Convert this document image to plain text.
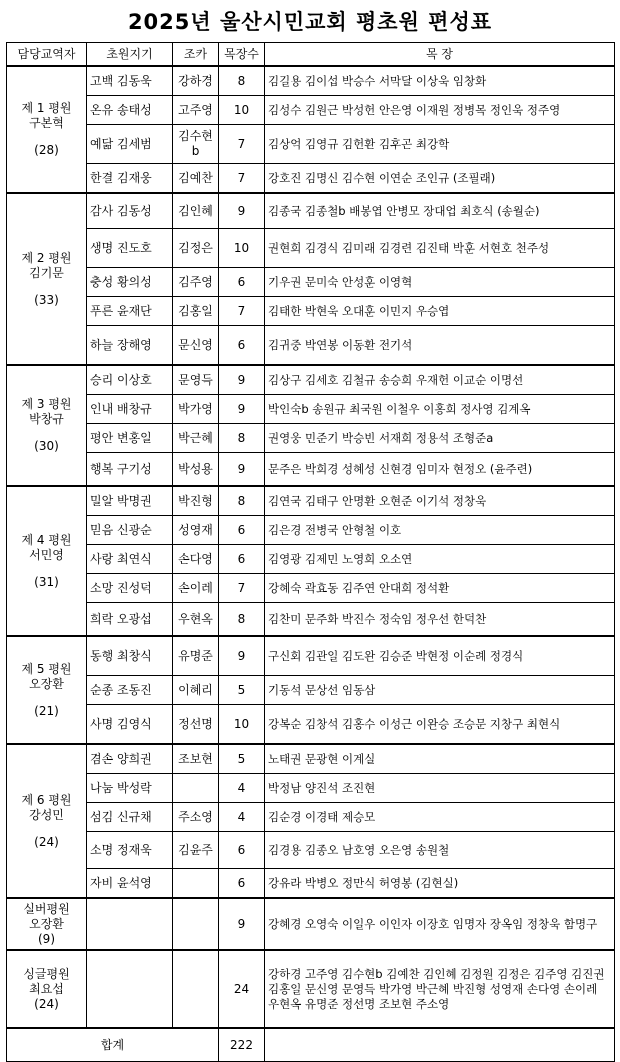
2025년 울산시민교회 평초원 편성표
담당교역자	초원지기	조카	목장수	목 장

제 1 평원
구본혁
(28)	고백 김동욱	강하경	8	김길용 김이섭 박승수 서막달 이상욱 임창화
	온유 송태성	고주영	10	김성수 김원근 박성헌 안은영 이재원 정병목 정인욱 정주영
	예닮 김세범	김수현b	7	김상억 김영규 김헌환 김후곤 최강학
	한결 김재웅	김예찬	7	강호진 김명신 김수현 이연순 조인규 (조필래)

제 2 평원
김기문
(33)	감사 김동성	김인혜	9	김종국 김종철b 배봉엽 안병모 장대업 최호식 (송월순)
	생명 진도호	김정은	10	권현희 김경식 김미래 김경련 김진태 박훈 서현호 천주성
	충성 황의성	김주영	6	기우권 문미숙 안성훈 이영혁
	푸른 윤재단	김홍일	7	김태한 박현욱 오대훈 이민지 우승엽
	하늘 장해영	문신영	6	김귀중 박연봉 이동환 전기석

제 3 평원
박창규
(30)	승리 이상호	문영득	9	김상구 김세호 김철규 송승희 우재헌 이교순 이명선
	인내 배창규	박가영	9	박인숙b 송원규 최국원 이철우 이홍희 정사영 김계옥
	평안 변홍일	박근혜	8	권영웅 민준기 박승빈 서재희 정용석 조형준a
	행복 구기성	박성용	9	문주은 박희경 성혜성 신현경 임미자 현정오 (윤주련)

제 4 평원
서민영
(31)	밀알 박명권	박진형	8	김연국 김태구 안명환 오현준 이기석 정창욱
	믿음 신광순	성영재	6	김은경 전병국 안형철 이호
	사랑 최연식	손다영	6	김영광 김제민 노영희 오소연
	소망 진성덕	손이레	7	강혜숙 곽효동 김주연 안대희 정석환
	희락 오광섭	우현옥	8	김찬미 문주화 박진수 정숙임 정우선 한덕찬

제 5 평원
오장환
(21)	동행 최창식	유명준	9	구신회 김관일 김도완 김승준 박현정 이순례 정경식
	순종 조동진	이혜리	5	기동석 문상선 임동삼
	사명 김영식	정선명	10	강복순 김창석 김홍수 이성근 이완승 조승문 지창구 최현식

제 6 평원
강성민
(24)	겸손 양희권	조보현	5	노태권 문광현 이계실
	나눔 박성락		4	박정남 양진석 조진현
	섬김 신규채	주소영	4	김순경 이경태 제승모
	소명 정재욱	김윤주	6	김경용 김종오 남호영 오은영 송원철
	자비 윤석영		6	강유라 박병오 정만식 허영봉 (김현실)

실버평원
오장환
(9)			9	강혜경 오영숙 이일우 이인자 이장호 임명자 장옥임 정창욱 함명구

싱글평원
최요섭
(24)			24	강하경 고주영 김수현b 김예찬 김인혜 김정원 김정은 김주영 김진권 김홍일 문신영 문영득 박가영 박근혜 박진형 성영재 손다영 손이레 우현옥 유명준 정선명 조보현 주소영
합계			222	
